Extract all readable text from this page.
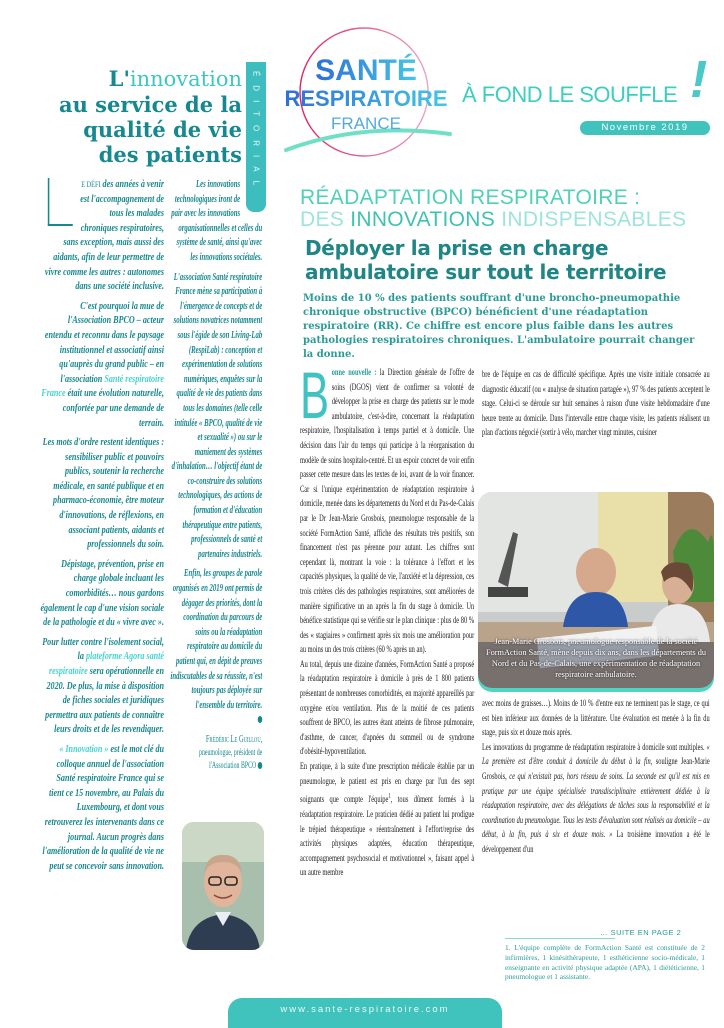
SANTÉ
RESPIRATOIRE
FRANCE
À FOND LE SOUFFLE !
Novembre 2019
ÉDITORIAL
L'innovation
au service de la qualité de vie des patients

E DÉFI des années à venir est l'accompagnement de tous les malades chroniques respiratoires, sans exception, mais aussi des aidants, afin de leur permettre de vivre comme les autres : autonomes dans une société inclusive.

C'est pourquoi la mue de l'Association BPCO – acteur entendu et reconnu dans le paysage institutionnel et associatif ainsi qu'auprès du grand public – en l'association Santé respiratoire France était une évolution naturelle, confortée par une demande de terrain.

Les mots d'ordre restent identiques : sensibiliser public et pouvoirs publics, soutenir la recherche médicale, en santé publique et en pharmaco-économie, être moteur d'innovations, de réflexions, en associant patients, aidants et professionnels du soin.

Dépistage, prévention, prise en charge globale incluant les comorbidités… nous gardons également le cap d'une vision sociale de la pathologie et du « vivre avec ».

Pour lutter contre l'isolement social, la plateforme Agora santé respiratoire sera opérationnelle en 2020. De plus, la mise à disposition de fiches sociales et juridiques permettra aux patients de connaître leurs droits et de les revendiquer.

« Innovation » est le mot clé du colloque annuel de l'association Santé respiratoire France qui se tient ce 15 novembre, au Palais du Luxembourg, et dont vous retrouverez les intervenants dans ce journal. Aucun progrès dans l'amélioration de la qualité de vie ne peut se concevoir sans innovation.

Les innovations technologiques iront de pair avec les innovations organisationnelles et celles du système de santé, ainsi qu'avec les innovations sociétales.

L'association Santé respiratoire France mène sa participation à l'émergence de concepts et de solutions novatrices notamment sous l'égide de son Living-Lab (RespiLab) : conception et expérimentation de solutions numériques, enquêtes sur la qualité de vie des patients dans tous les domaines (telle celle intitulée « BPCO, qualité de vie et sexualité ») ou sur le maniement des systèmes d'inhalation… l'objectif étant de co-construire des solutions technologiques, des actions de formation et d'éducation thérapeutique entre patients, professionnels de santé et partenaires industriels.

Enfin, les groupes de parole organisés en 2019 ont permis de dégager des priorités, dont la coordination du parcours de soins ou la réadaptation respiratoire au domicile du patient qui, en dépit de preuves indiscutables de sa réussite, n'est toujours pas déployée sur l'ensemble du territoire.

Frédéric Le Guillou,
pneumologue, président de l'Association BPCO

RÉADAPTATION RESPIRATOIRE :
DES INNOVATIONS INDISPENSABLES
Déployer la prise en charge ambulatoire sur tout le territoire
Moins de 10 % des patients souffrant d'une broncho-pneumopathie chronique obstructive (BPCO) bénéficient d'une réadaptation respiratoire (RR). Ce chiffre est encore plus faible dans les autres pathologies respiratoires chroniques. L'ambulatoire pourrait changer la donne.

Bonne nouvelle : la Direction générale de l'offre de soins (DGOS) vient de confirmer sa volonté de développer la prise en charge des patients sur le mode ambulatoire, c'est-à-dire, concernant la réadaptation respiratoire, l'hospitalisation à temps partiel et à domicile. Une décision dans l'air du temps qui participe à la réorganisation du modèle de soins hospitalo-centré. Et un espoir concret de voir enfin passer cette mesure dans les textes de loi, avant de la voir financer. Car si l'unique expérimentation de réadaptation respiratoire à domicile, menée dans les départements du Nord et du Pas-de-Calais par le Dr Jean-Marie Grosbois, pneumologue responsable de la société FormAction Santé, affiche des résultats très positifs, son financement n'est pas pérenne pour autant. Les chiffres sont cependant là, montrant la voie : la tolérance à l'effort et les capacités physiques, la qualité de vie, l'anxiété et la dépression, ces trois critères clés des pathologies respiratoires, sont améliorées de manière significative un an après la fin du stage à domicile. Un bénéfice statistique qui se vérifie sur le plan clinique : plus de 80 % des « stagiaires » confirment après six mois une amélioration pour au moins un des trois critères (60 % après un an).

Au total, depuis une dizaine d'années, FormAction Santé a proposé la réadaptation respiratoire à domicile à près de 1 800 patients présentant de nombreuses comorbidités, en majorité appareillés par oxygène et/ou ventilation. Plus de la moitié de ces patients souffrent de BPCO, les autres étant atteints de fibrose pulmonaire, d'asthme, de cancer, d'apnées du sommeil ou de syndrome d'obésité-hypoventilation.

En pratique, à la suite d'une prescription médicale établie par un pneumologue, le patient est pris en charge par l'un des sept soignants que compte l'équipe$^1$, tous dûment formés à la réadaptation respiratoire. Le praticien dédié au patient lui prodigue le trépied thérapeutique « réentraînement à l'effort/reprise des activités physiques adaptées, éducation thérapeutique, accompagnement psychosocial et motivationnel », faisant appel à un autre membre

bre de l'équipe en cas de difficulté spécifique. Après une visite initiale consacrée au diagnostic éducatif (ou « analyse de situation partagée »), 97 % des patients acceptent le stage. Celui-ci se déroule sur huit semaines à raison d'une visite hebdomadaire d'une heure trente au domicile. Dans l'intervalle entre chaque visite, les patients réalisent un plan d'actions négocié (sortir à vélo, marcher vingt minutes, cuisiner

Jean-Marie Grosbois, pneumologue responsable de la société FormAction Santé, mène depuis dix ans, dans les départements du Nord et du Pas-de-Calais, une expérimentation de réadaptation respiratoire ambulatoire.

avec moins de graisses…). Moins de 10 % d'entre eux ne terminent pas le stage, ce qui est bien inférieur aux données de la littérature. Une évaluation est menée à la fin du stage, puis six et douze mois après.

Les innovations du programme de réadaptation respiratoire à domicile sont multiples. « La première est d'être conduit à domicile du début à la fin, souligne Jean-Marie Grosbois, ce qui n'existait pas, hors réseau de soins. La seconde est qu'il est mis en pratique par une équipe spécialisée transdisciplinaire entièrement dédiée à la réadaptation respiratoire, avec des délégations de tâches sous la responsabilité et la coordination du pneumologue. Tous les tests d'évaluation sont réalisés au domicile – au début, à la fin, puis à six et douze mois. » La troisième innovation a été le développement d'un

… SUITE EN PAGE 2
1. L'équipe complète de FormAction Santé est constituée de 2 infirmières, 1 kinésithérapeute, 1 esthéticienne socio-médicale, 1 enseignante en activité physique adaptée (APA), 1 diététicienne, 1 pneumologue et 1 assistante.
www.sante-respiratoire.com
